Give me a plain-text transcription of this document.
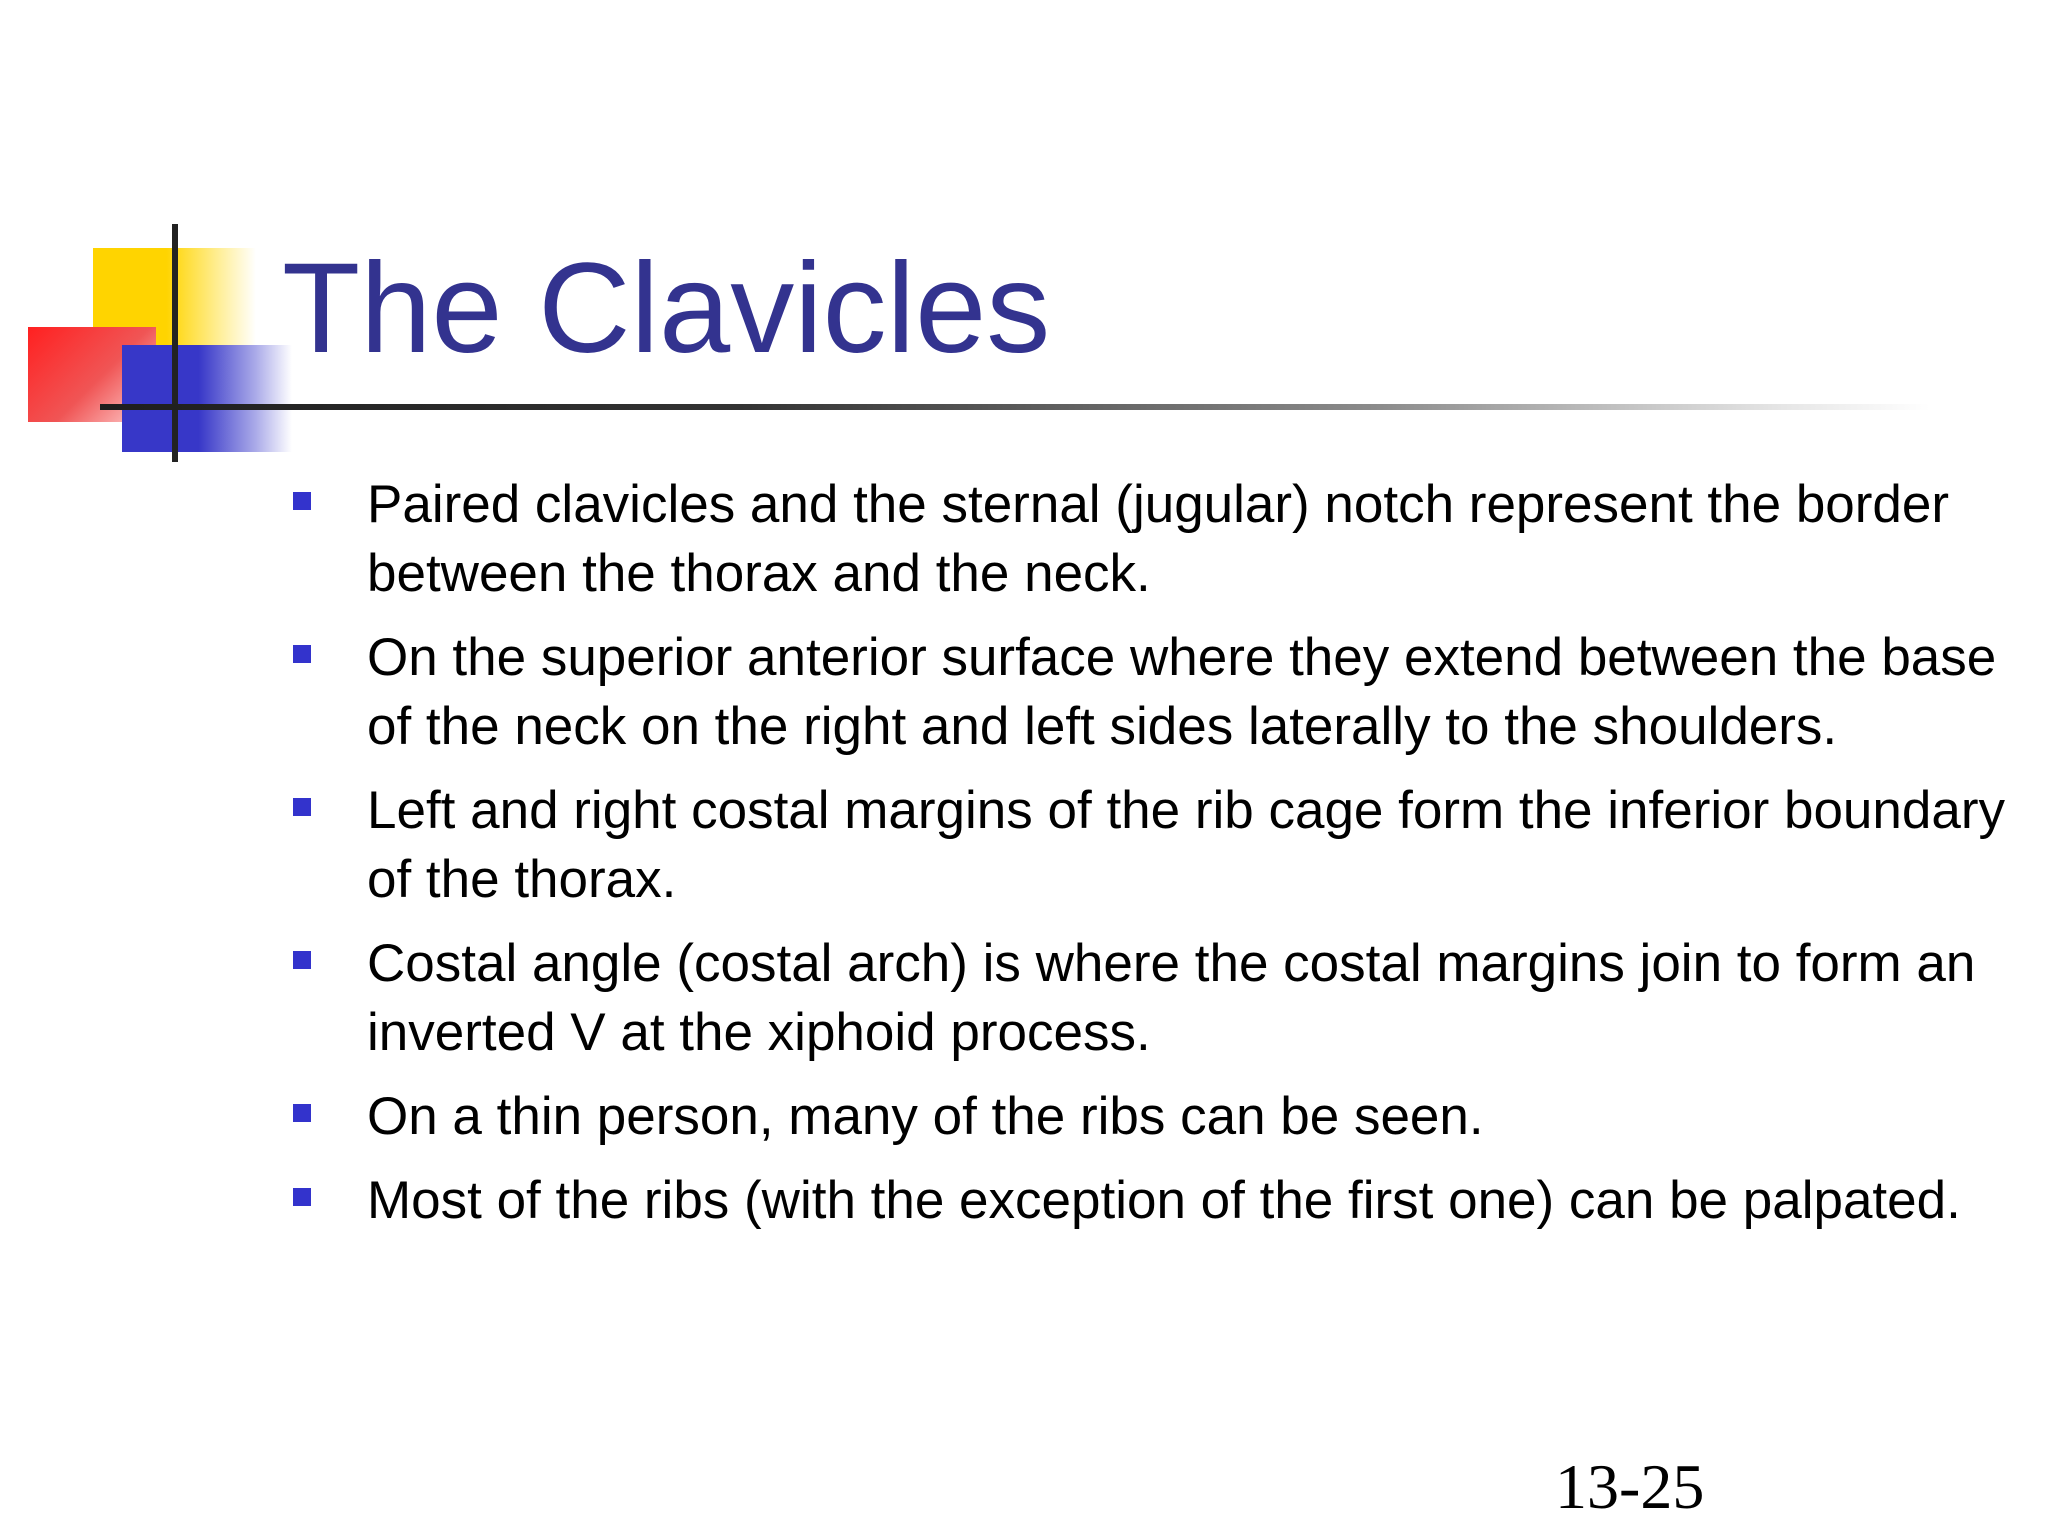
The Clavicles
Paired clavicles and the sternal (jugular) notch represent the border between the thorax and the neck.
On the superior anterior surface where they extend between the base of the neck on the right and left sides laterally to the shoulders.
Left and right costal margins of the rib cage form the inferior boundary of the thorax.
Costal angle (costal arch) is where the costal margins join to form an inverted V at the xiphoid process.
On a thin person, many of the ribs can be seen.
Most of the ribs (with the exception of the first one) can be palpated.
13-25
